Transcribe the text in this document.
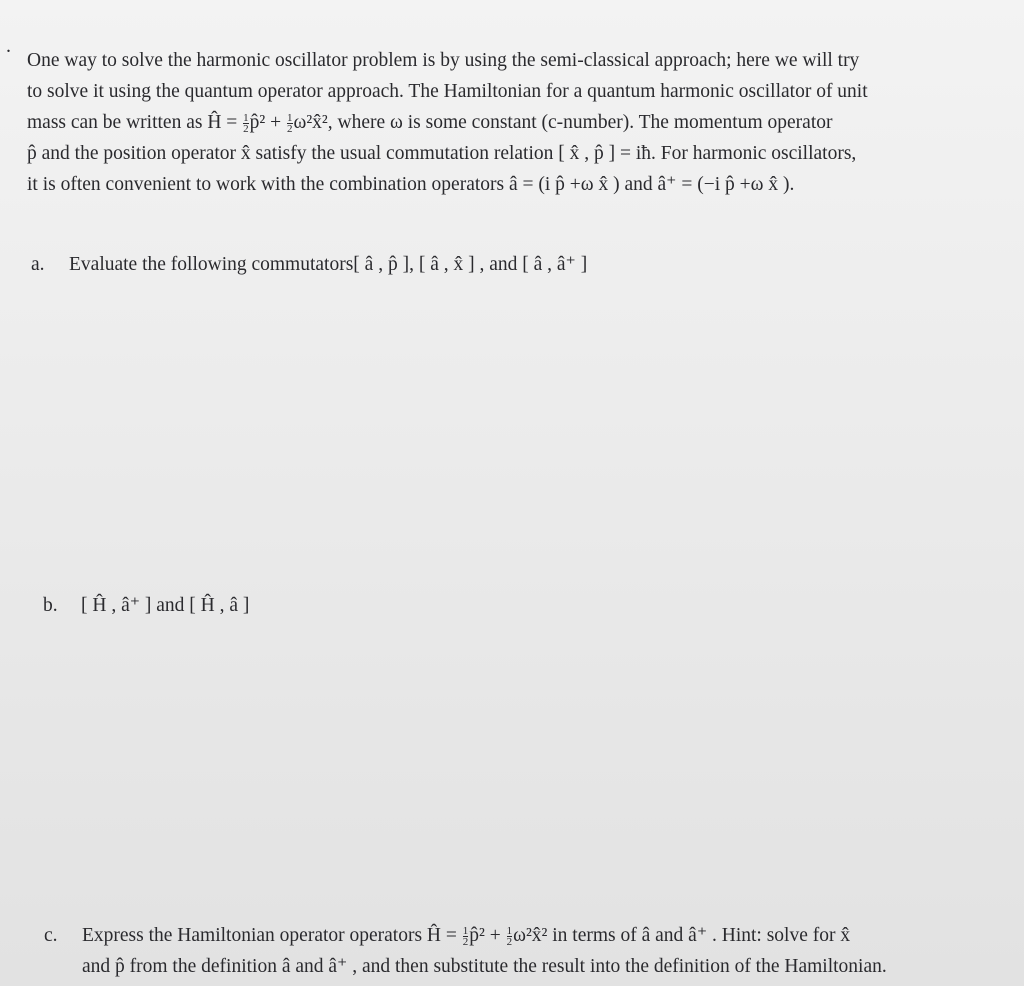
.
One way to solve the harmonic oscillator problem is by using the semi-classical approach; here we will try
to solve it using the quantum operator approach. The Hamiltonian for a quantum harmonic oscillator of unit
mass can be written as Ĥ = $\frac{1}{2}$ p̂² + $\frac{1}{2}$ ω²x̂², where ω is some constant (c-number). The momentum operator
p̂ and the position operator x̂ satisfy the usual commutation relation [ x̂ , p̂ ] = iħ. For harmonic oscillators,
it is often convenient to work with the combination operators â = (i p̂ +ω x̂ ) and â⁺ = (−i p̂ +ω x̂ ).
a. Evaluate the following commutators[ â , p̂ ], [ â , x̂ ] , and [ â , â⁺ ]
b. [ Ĥ , â⁺ ] and [ Ĥ , â ]
c. Express the Hamiltonian operator operators Ĥ = $\frac{1}{2}$ p̂² + $\frac{1}{2}$ ω²x̂² in terms of â and â⁺ . Hint: solve for x̂
and p̂ from the definition â and â⁺ , and then substitute the result into the definition of the Hamiltonian.
